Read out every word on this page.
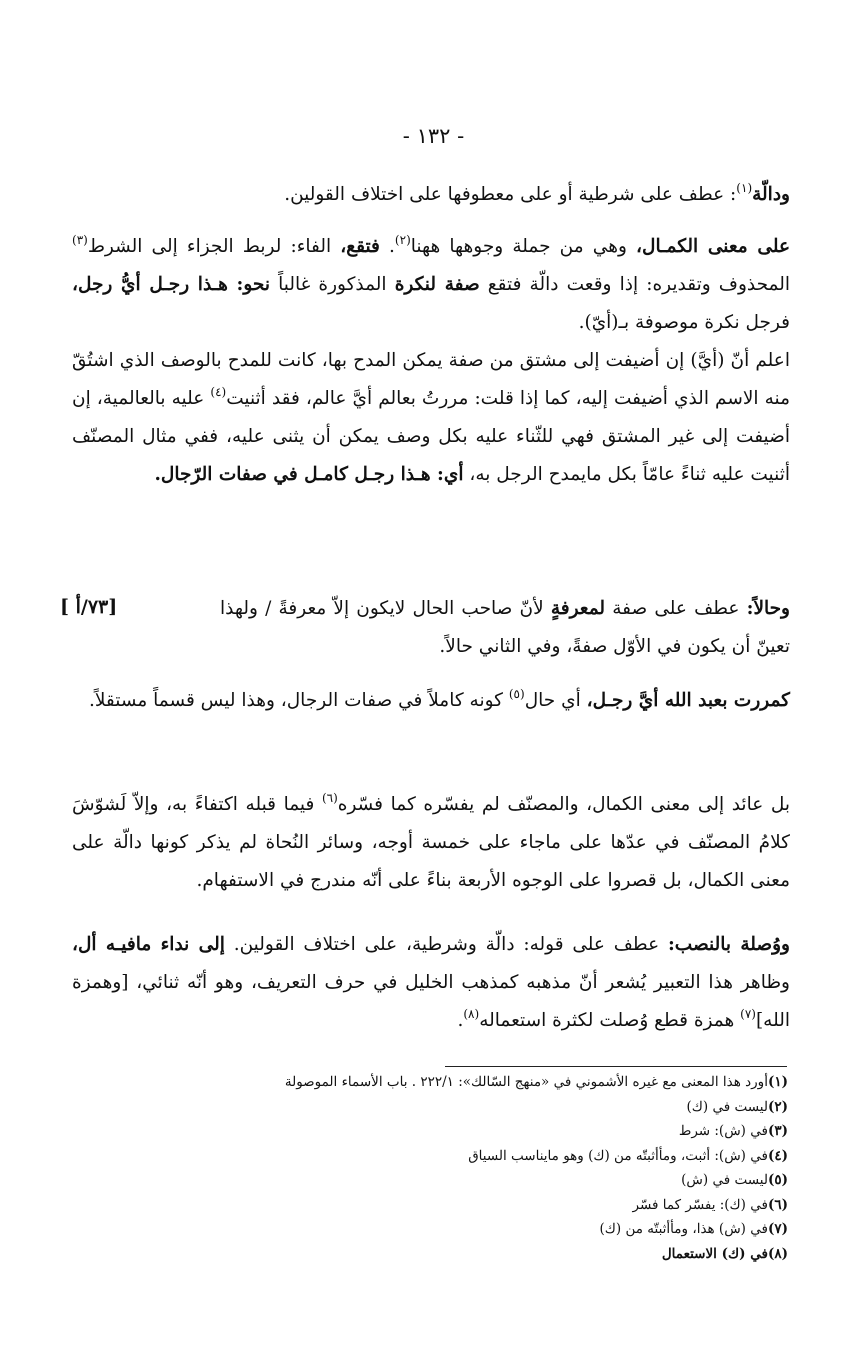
- ١٣٢ -
ودالّة$^{(١)}$: عطف على شرطية أو على معطوفها على اختلاف القولين.
على معنى الكمـال، وهي من جملة وجوهها ههنا$^{(٢)}$. فتقع، الفاء: لربط الجزاء إلى الشرط$^{(٣)}$ المحذوف وتقديره: إذا وقعت دالّة فتقع صفة لنكرة المذكورة غالباً نحو: هـذا رجـل أيُّ رجل، فرجل نكرة موصوفة بـ(أيّ).
اعلم أنّ (أيَّ) إن أضيفت إلى مشتق من صفة يمكن المدح بها، كانت للمدح بالوصف الذي اشتُقّ منه الاسم الذي أضيفت إليه، كما إذا قلت: مررتُ بعالم أيَّ عالم، فقد أثنيت$^{(٤)}$ عليه بالعالمية، إن أضيفت إلى غير المشتق فهي للثّناء عليه بكل وصف يمكن أن يثنى عليه، ففي مثال المصنّف أثنيت عليه ثناءً عامّاً بكل مايمدح الرجل به، أي: هـذا رجـل كامـل في صفات الرّجال.
وحالاً: عطف على صفة لمعرفةٍ لأنّ صاحب الحال لايكون إلاّ معرفةً / ولهذا تعينّ أن يكون في الأوّل صفةً، وفي الثاني حالاً.
[ ٧٣/أ]
كمررت بعبد الله أيَّ رجـل، أي حال$^{(٥)}$ كونه كاملاً في صفات الرجال، وهذا ليس قسماً مستقلاً.
بل عائد إلى معنى الكمال، والمصنّف لم يفسّره كما فسّره$^{(٦)}$ فيما قبله اكتفاءً به، وإلاّ لَشوّشَ كلامُ المصنّف في عدّها على ماجاء على خمسة أوجه، وسائر النُحاة لم يذكر كونها دالّة على معنى الكمال، بل قصروا على الوجوه الأربعة بناءً على أنّه مندرج في الاستفهام.
ووُصلة بالنصب: عطف على قوله: دالّة وشرطية، على اختلاف القولين. إلى نداء مافيـه أل، وظاهر هذا التعبير يُشعر أنّ مذهبه كمذهب الخليل في حرف التعريف، وهو أنّه ثنائي، [وهمزة الله]$^{(٧)}$ همزة قطع وُصلت لكثرة استعماله$^{(٨)}$.
(١)أورد هذا المعنى مع غيره الأشموني في «منهج السّالك»: ٢٢٢/١ . باب الأسماء الموصولة
(٢)ليست في (ك)
(٣)في (ش): شرط
(٤)في (ش): أثبت، ومأأثبتّه من (ك) وهو مايناسب السياق
(٥)ليست في (ش)
(٦)في (ك): يفسّر كما فسّر
(٧)في (ش) هذا، ومأأثبتّه من (ك)
(٨)في (ك) الاستعمال
